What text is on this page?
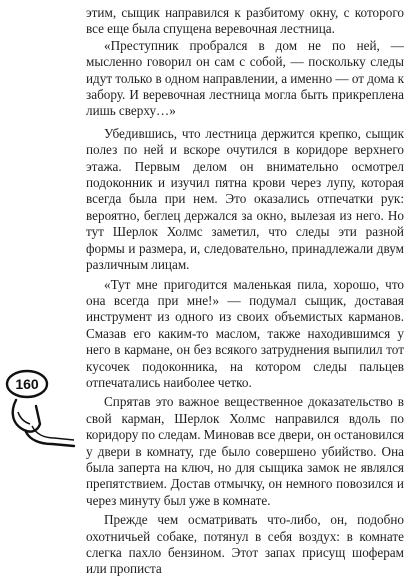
этим, сыщик направился к разбитому окну, с которого все еще была спущена веревочная лестница.

«Преступник пробрался в дом не по ней, — мысленно говорил он сам с собой, — поскольку следы идут только в одном направлении, а именно — от дома к забору. И веревочная лестница могла быть прикреплена лишь сверху…»

Убедившись, что лестница держится крепко, сыщик полез по ней и вскоре очутился в коридоре верхнего этажа. Первым делом он внимательно осмотрел подоконник и изучил пятна крови через лупу, которая всегда была при нем. Это оказались отпечатки рук: вероятно, беглец держался за окно, вылезая из него. Но тут Шерлок Холмс заметил, что следы эти разной формы и размера, и, следовательно, принадлежали двум различным лицам.

«Тут мне пригодится маленькая пила, хорошо, что она всегда при мне!» — подумал сыщик, доставая инструмент из одного из своих объемистых карманов. Смазав его каким-то маслом, также находившимся у него в кармане, он без всякого затруднения выпилил тот кусочек подоконника, на котором следы пальцев отпечатались наиболее четко.

Спрятав это важное вещественное доказательство в свой карман, Шерлок Холмс направился вдоль по коридору по следам. Миновав все двери, он остановился у двери в комнату, где было совершено убийство. Она была заперта на ключ, но для сыщика замок не являлся препятствием. Достав отмычку, он немного повозился и через минуту был уже в комнате.

Прежде чем осматривать что-либо, он, подобно охотничьей собаке, потянул в себя воздух: в комнате слегка пахло бензином. Этот запах присущ шоферам или прописта

160
